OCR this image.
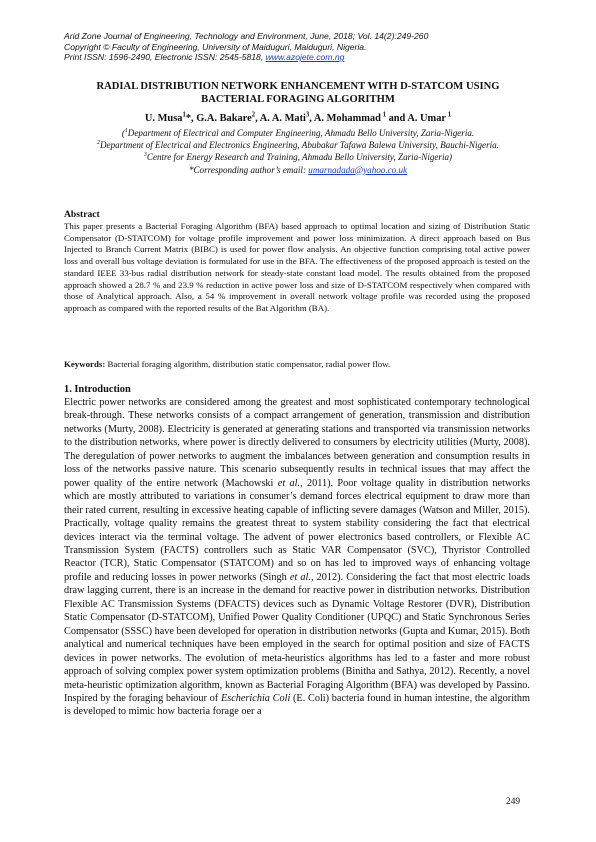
Arid Zone Journal of Engineering, Technology and Environment, June, 2018; Vol. 14(2):249-260
Copyright © Faculty of Engineering, University of Maiduguri, Maiduguri, Nigeria.
Print ISSN: 1596-2490, Electronic ISSN: 2545-5818, www.azojete.com.ng
RADIAL DISTRIBUTION NETWORK ENHANCEMENT WITH D-STATCOM USING
BACTERIAL FORAGING ALGORITHM
U. Musa$^1$*, G.A. Bakare$^2$, A. A. Mati$^3$, A. Mohammad $^1$ and A. Umar $^1$
($^1$Department of Electrical and Computer Engineering, Ahmadu Bello University, Zaria-Nigeria.
$^2$Department of Electrical and Electronics Engineering, Abubakar Tafawa Balewa University, Bauchi-Nigeria.
$^3$Centre for Energy Research and Training, Ahmadu Bello University, Zaria-Nigeria)
*Corresponding author’s email: umarnadada@yahoo.co.uk
Abstract
This paper presents a Bacterial Foraging Algorithm (BFA) based approach to optimal location and sizing of Distribution Static Compensator (D-STATCOM) for voltage profile improvement and power loss minimization. A direct approach based on Bus Injected to Branch Current Matrix (BIBC) is used for power flow analysis. An objective function comprising total active power loss and overall bus voltage deviation is formulated for use in the BFA. The effectiveness of the proposed approach is tested on the standard IEEE 33-bus radial distribution network for steady-state constant load model. The results obtained from the proposed approach showed a 28.7 % and 23.9 % reduction in active power loss and size of D-STATCOM respectively when compared with those of Analytical approach. Also, a 54 % improvement in overall network voltage profile was recorded using the proposed approach as compared with the reported results of the Bat Algorithm (BA).
Keywords: Bacterial foraging algorithm, distribution static compensator, radial power flow.
1. Introduction
Electric power networks are considered among the greatest and most sophisticated contemporary technological break-through. These networks consists of a compact arrangement of generation, transmission and distribution networks (Murty, 2008). Electricity is generated at generating stations and transported via transmission networks to the distribution networks, where power is directly delivered to consumers by electricity utilities (Murty, 2008). The deregulation of power networks to augment the imbalances between generation and consumption results in loss of the networks passive nature. This scenario subsequently results in technical issues that may affect the power quality of the entire network (Machowski et al., 2011). Poor voltage quality in distribution networks which are mostly attributed to variations in consumer’s demand forces electrical equipment to draw more than their rated current, resulting in excessive heating capable of inflicting severe damages (Watson and Miller, 2015). Practically, voltage quality remains the greatest threat to system stability considering the fact that electrical devices interact via the terminal voltage. The advent of power electronics based controllers, or Flexible AC Transmission System (FACTS) controllers such as Static VAR Compensator (SVC), Thyristor Controlled Reactor (TCR), Static Compensator (STATCOM) and so on has led to improved ways of enhancing voltage profile and reducing losses in power networks (Singh et al., 2012). Considering the fact that most electric loads draw lagging current, there is an increase in the demand for reactive power in distribution networks. Distribution Flexible AC Transmission Systems (DFACTS) devices such as Dynamic Voltage Restorer (DVR), Distribution Static Compensator (D-STATCOM), Unified Power Quality Conditioner (UPQC) and Static Synchronous Series Compensator (SSSC) have been developed for operation in distribution networks (Gupta and Kumar, 2015). Both analytical and numerical techniques have been employed in the search for optimal position and size of FACTS devices in power networks. The evolution of meta-heuristics algorithms has led to a faster and more robust approach of solving complex power system optimization problems (Binitha and Sathya, 2012). Recently, a novel meta-heuristic optimization algorithm, known as Bacterial Foraging Algorithm (BFA) was developed by Passino. Inspired by the foraging behaviour of Escherichia Coli (E. Coli) bacteria found in human intestine, the algorithm is developed to mimic how bacteria forage oer a
249
